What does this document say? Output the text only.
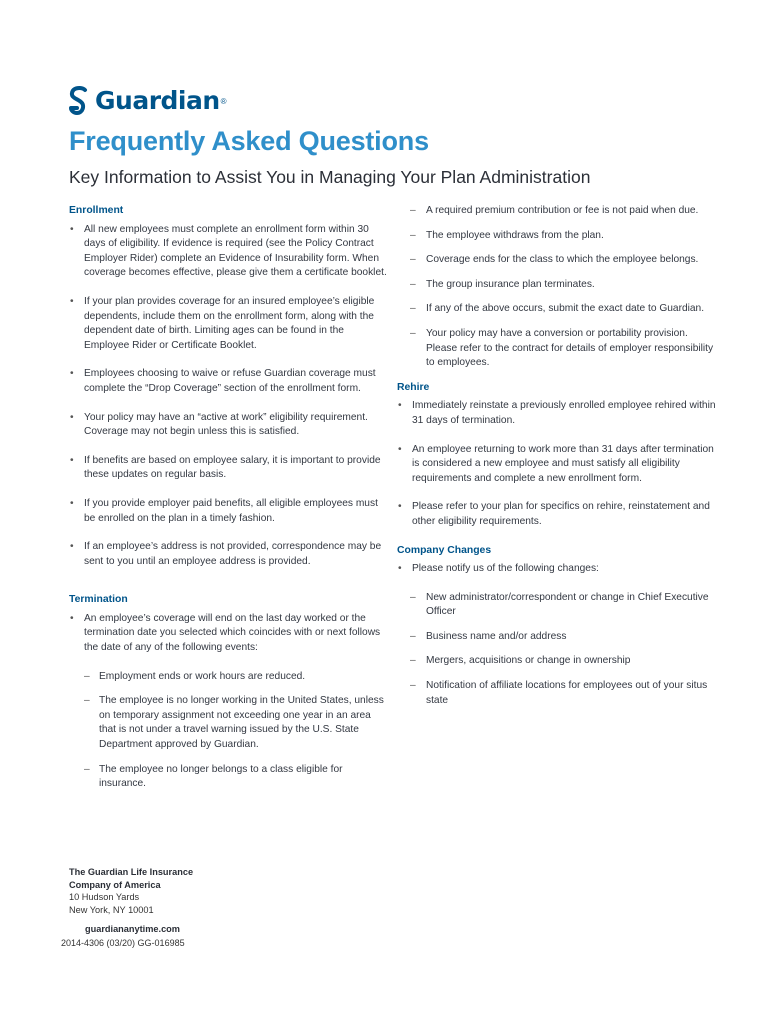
Guardian ®
Frequently Asked Questions
Key Information to Assist You in Managing Your Plan Administration
Enrollment
• All new employees must complete an enrollment form within 30 days of eligibility. If evidence is required (see the Policy Contract Employer Rider) complete an Evidence of Insurability form. When coverage becomes effective, please give them a certificate booklet.
• If your plan provides coverage for an insured employee’s eligible dependents, include them on the enrollment form, along with the dependent date of birth. Limiting ages can be found in the Employee Rider or Certificate Booklet.
• Employees choosing to waive or refuse Guardian coverage must complete the “Drop Coverage” section of the enrollment form.
• Your policy may have an “active at work” eligibility requirement. Coverage may not begin unless this is satisfied.
• If benefits are based on employee salary, it is important to provide these updates on regular basis.
• If you provide employer paid benefits, all eligible employees must be enrolled on the plan in a timely fashion.
• If an employee’s address is not provided, correspondence may be sent to you until an employee address is provided.
Termination
• An employee’s coverage will end on the last day worked or the termination date you selected which coincides with or next follows the date of any of the following events:
– Employment ends or work hours are reduced.
– The employee is no longer working in the United States, unless on temporary assignment not exceeding one year in an area that is not under a travel warning issued by the U.S. State Department approved by Guardian.
– The employee no longer belongs to a class eligible for insurance.
– A required premium contribution or fee is not paid when due.
– The employee withdraws from the plan.
– Coverage ends for the class to which the employee belongs.
– The group insurance plan terminates.
– If any of the above occurs, submit the exact date to Guardian.
– Your policy may have a conversion or portability provision. Please refer to the contract for details of employer responsibility to employees.
Rehire
• Immediately reinstate a previously enrolled employee rehired within 31 days of termination.
• An employee returning to work more than 31 days after termination is considered a new employee and must satisfy all eligibility requirements and complete a new enrollment form.
• Please refer to your plan for specifics on rehire, reinstatement and other eligibility requirements.
Company Changes
• Please notify us of the following changes:
– New administrator/correspondent or change in Chief Executive Officer
– Business name and/or address
– Mergers, acquisitions or change in ownership
– Notification of affiliate locations for employees out of your situs state
The Guardian Life Insurance
Company of America
10 Hudson Yards
New York, NY 10001
guardiananytime.com
2014-4306 (03/20) GG-016985
